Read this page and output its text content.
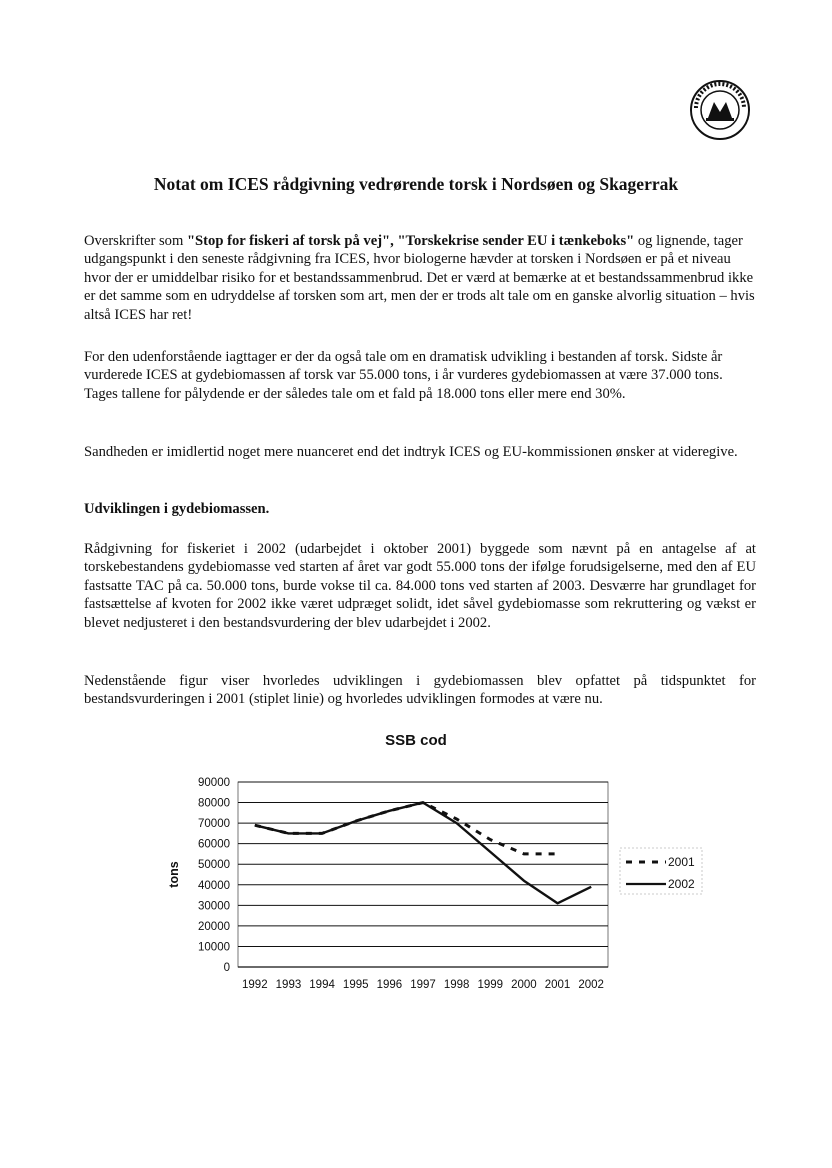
Notat om ICES rådgivning vedrørende torsk i Nordsøen og Skagerrak

Overskrifter som "Stop for fiskeri af torsk på vej", "Torskekrise sender EU i tænkeboks" og lignende, tager udgangspunkt i den seneste rådgivning fra ICES, hvor biologerne hævder at torsken i Nordsøen er på et niveau hvor der er umiddelbar risiko for et bestandssammenbrud. Det er værd at bemærke at et bestandssammenbrud ikke er det samme som en udryddelse af torsken som art, men der er trods alt tale om en ganske alvorlig situation – hvis altså ICES har ret!

For den udenforstående iagttager er der da også tale om en dramatisk udvikling i bestanden af torsk. Sidste år vurderede ICES at gydebiomassen af torsk var 55.000 tons, i år vurderes gydebiomassen at være 37.000 tons. Tages tallene for pålydende er der således tale om et fald på 18.000 tons eller mere end 30%.

Sandheden er imidlertid noget mere nuanceret end det indtryk ICES og EU-kommissionen ønsker at videregive.

Udviklingen i gydebiomassen.

Rådgivning for fiskeriet i 2002 (udarbejdet i oktober 2001) byggede som nævnt på en antagelse af at torskebestandens gydebiomasse ved starten af året var godt 55.000 tons der ifølge forudsigelserne, med den af EU fastsatte TAC på ca. 50.000 tons, burde vokse til ca. 84.000 tons ved starten af 2003. Desværre har grundlaget for fastsættelse af kvoten for 2002 ikke været udpræget solidt, idet såvel gydebiomasse som rekruttering og vækst er blevet nedjusteret i den bestandsvurdering der blev udarbejdet i 2002.

Nedenstående figur viser hvorledes udviklingen i gydebiomassen blev opfattet på tidspunktet for bestandsvurderingen i 2001 (stiplet linie) og hvorledes udviklingen formodes at være nu.

SSB cod
0
10000
20000
30000
40000
50000
60000
70000
80000
90000
1992 1993 1994 1995 1996 1997 1998 1999 2000 2001 2002
tons	2001
2002
